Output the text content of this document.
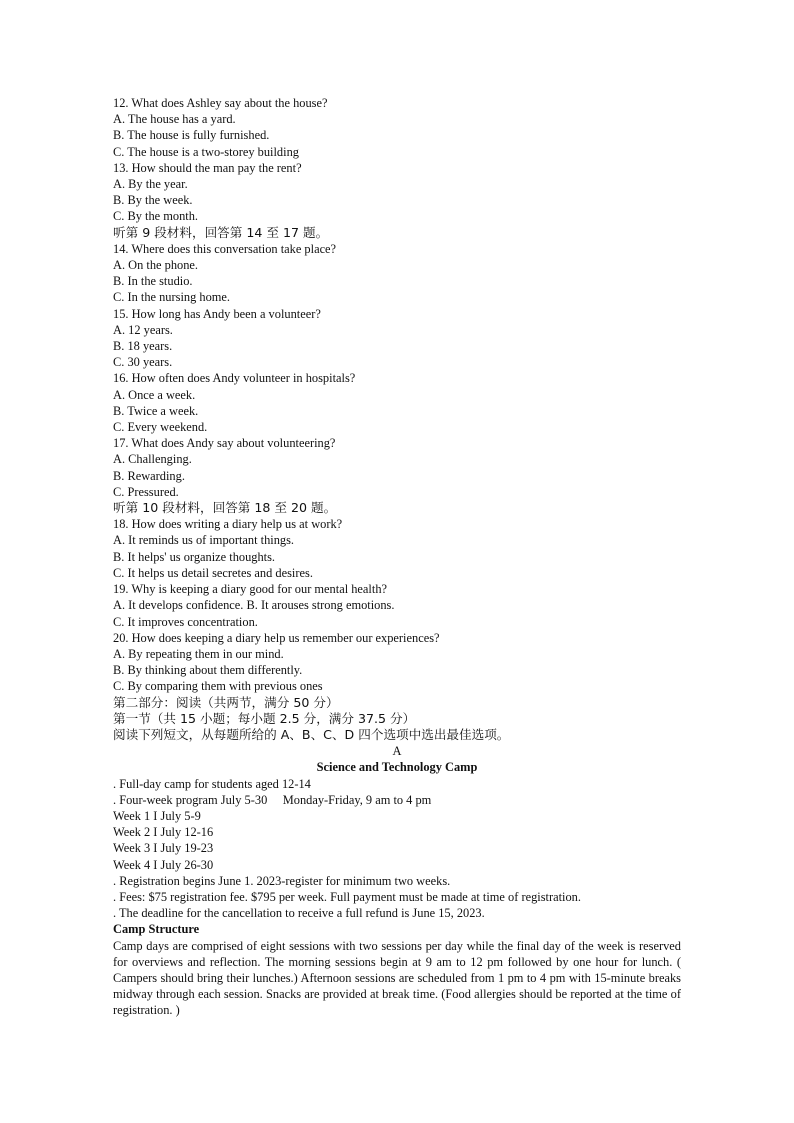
12. What does Ashley say about the house?
A. The house has a yard.
B. The house is fully furnished.
C. The house is a two-storey building
13. How should the man pay the rent?
A. By the year.
B. By the week.
C. By the month.
听第 9 段材料，回答第 14 至 17 题。
14. Where does this conversation take place?
A. On the phone.
B. In the studio.
C. In the nursing home.
15. How long has Andy been a volunteer?
A. 12 years.
B. 18 years.
C. 30 years.
16. How often does Andy volunteer in hospitals?
A. Once a week.
B. Twice a week.
C. Every weekend.
17. What does Andy say about volunteering?
A. Challenging.
B. Rewarding.
C. Pressured.
听第 10 段材料，回答第 18 至 20 题。
18. How does writing a diary help us at work?
A. It reminds us of important things.
B. It helps' us organize thoughts.
C. It helps us detail secretes and desires.
19. Why is keeping a diary good for our mental health?
A. It develops confidence. B. It arouses strong emotions.
C. It improves concentration.
20. How does keeping a diary help us remember our experiences?
A. By repeating them in our mind.
B. By thinking about them differently.
C. By comparing them with previous ones
第二部分：阅读（共两节，满分 50 分）
第一节（共 15 小题；每小题 2.5 分，满分 37.5 分）
阅读下列短文，从每题所给的 A、B、C、D 四个选项中选出最佳选项。
A
Science and Technology Camp
. Full-day camp for students aged 12-14
. Four-week program July 5-30     Monday-Friday, 9 am to 4 pm
Week 1 I July 5-9
Week 2 I July 12-16
Week 3 I July 19-23
Week 4 I July 26-30
. Registration begins June 1. 2023-register for minimum two weeks.
. Fees: $75 registration fee. $795 per week. Full payment must be made at time of registration.
. The deadline for the cancellation to receive a full refund is June 15, 2023.
Camp Structure
Camp days are comprised of eight sessions with two sessions per day while the final day of the week is reserved for overviews and reflection. The morning sessions begin at 9 am to 12 pm followed by one hour for lunch. ( Campers should bring their lunches.) Afternoon sessions are scheduled from 1 pm to 4 pm with 15-minute breaks midway through each session. Snacks are provided at break time. (Food allergies should be reported at the time of registration. )
